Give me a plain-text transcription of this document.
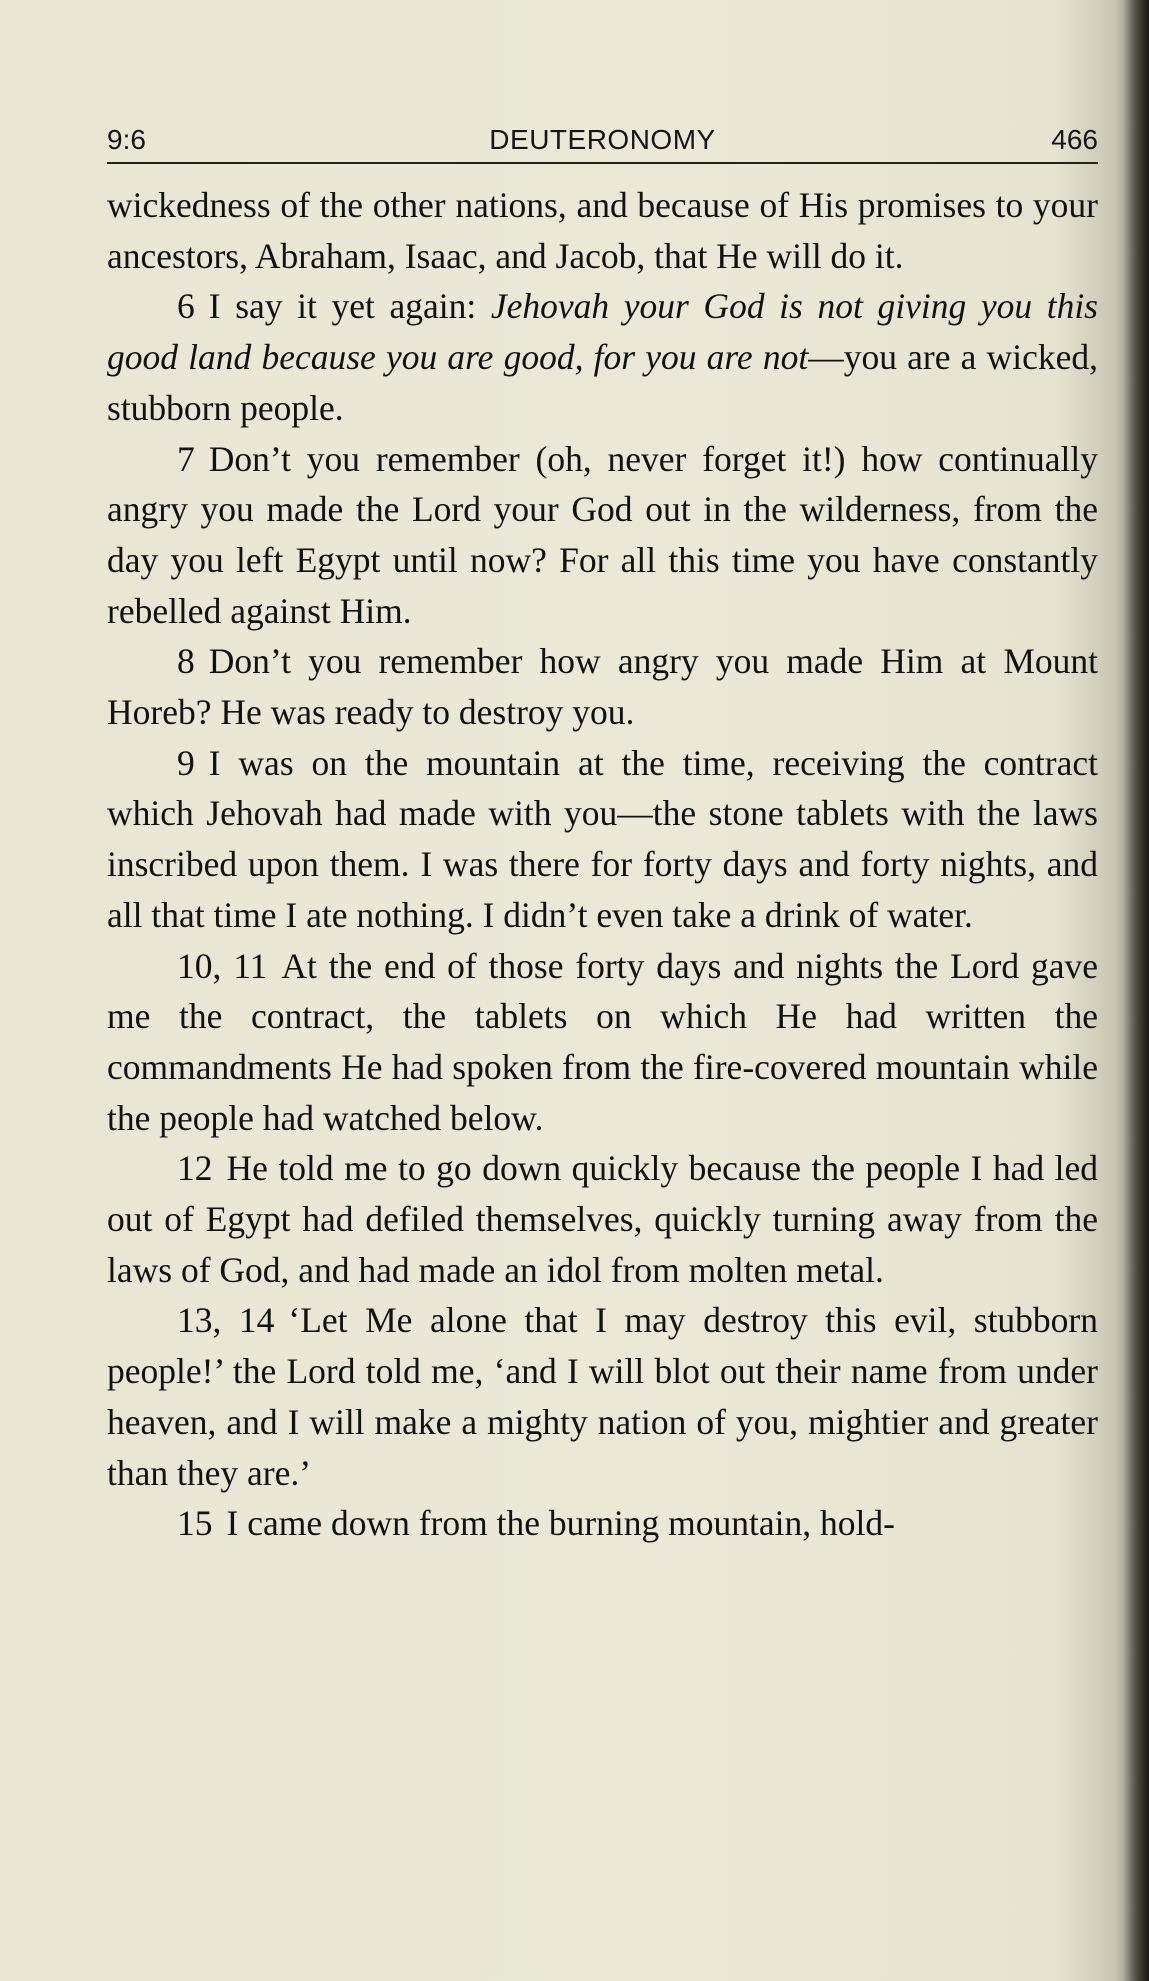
9:6	DEUTERONOMY	466

wickedness of the other nations, and because of His promises to your ancestors, Abraham, Isaac, and Jacob, that He will do it.

6 I say it yet again: Jehovah your God is not giving you this good land because you are good, for you are not—you are a wicked, stubborn people.

7 Don’t you remember (oh, never forget it!) how continually angry you made the Lord your God out in the wilderness, from the day you left Egypt until now? For all this time you have constantly rebelled against Him.

8 Don’t you remember how angry you made Him at Mount Horeb? He was ready to destroy you.

9 I was on the mountain at the time, receiving the contract which Jehovah had made with you—the stone tablets with the laws inscribed upon them. I was there for forty days and forty nights, and all that time I ate nothing. I didn’t even take a drink of water.

10, 11 At the end of those forty days and nights the Lord gave me the contract, the tablets on which He had written the commandments He had spoken from the fire-covered mountain while the people had watched below.

12 He told me to go down quickly because the people I had led out of Egypt had defiled themselves, quickly turning away from the laws of God, and had made an idol from molten metal.

13, 14 ‘Let Me alone that I may destroy this evil, stubborn people!’ the Lord told me, ‘and I will blot out their name from under heaven, and I will make a mighty nation of you, mightier and greater than they are.’

15 I came down from the burning mountain, hold-
